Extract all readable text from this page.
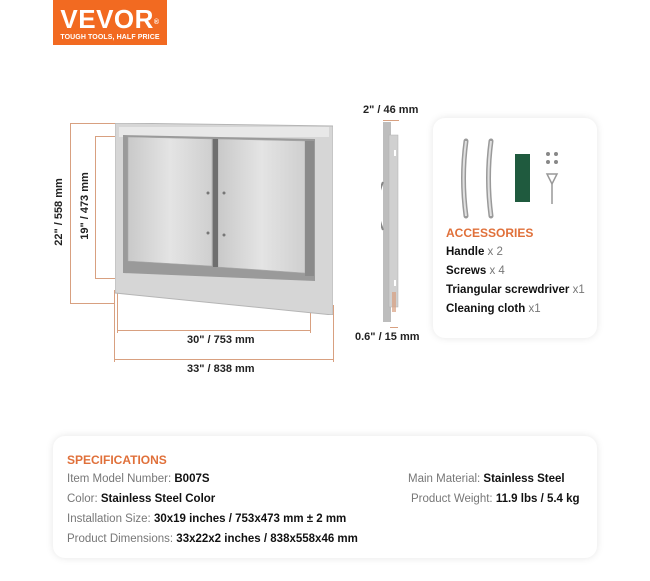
VEVOR®
TOUGH TOOLS, HALF PRICE
22" / 558 mm 19" / 473 mm
30" / 753 mm
33" / 838 mm
2" / 46 mm
0.6" / 15 mm
ACCESSORIES
Handle x 2
Screws x 4
Triangular screwdriver x1
Cleaning cloth x1
SPECIFICATIONS
Item Model Number: B007S
Color: Stainless Steel Color
Installation Size: 30x19 inches / 753x473 mm ± 2 mm
Product Dimensions: 33x22x2 inches / 838x558x46 mm
Main Material: Stainless Steel
Product Weight: 11.9 lbs / 5.4 kg
